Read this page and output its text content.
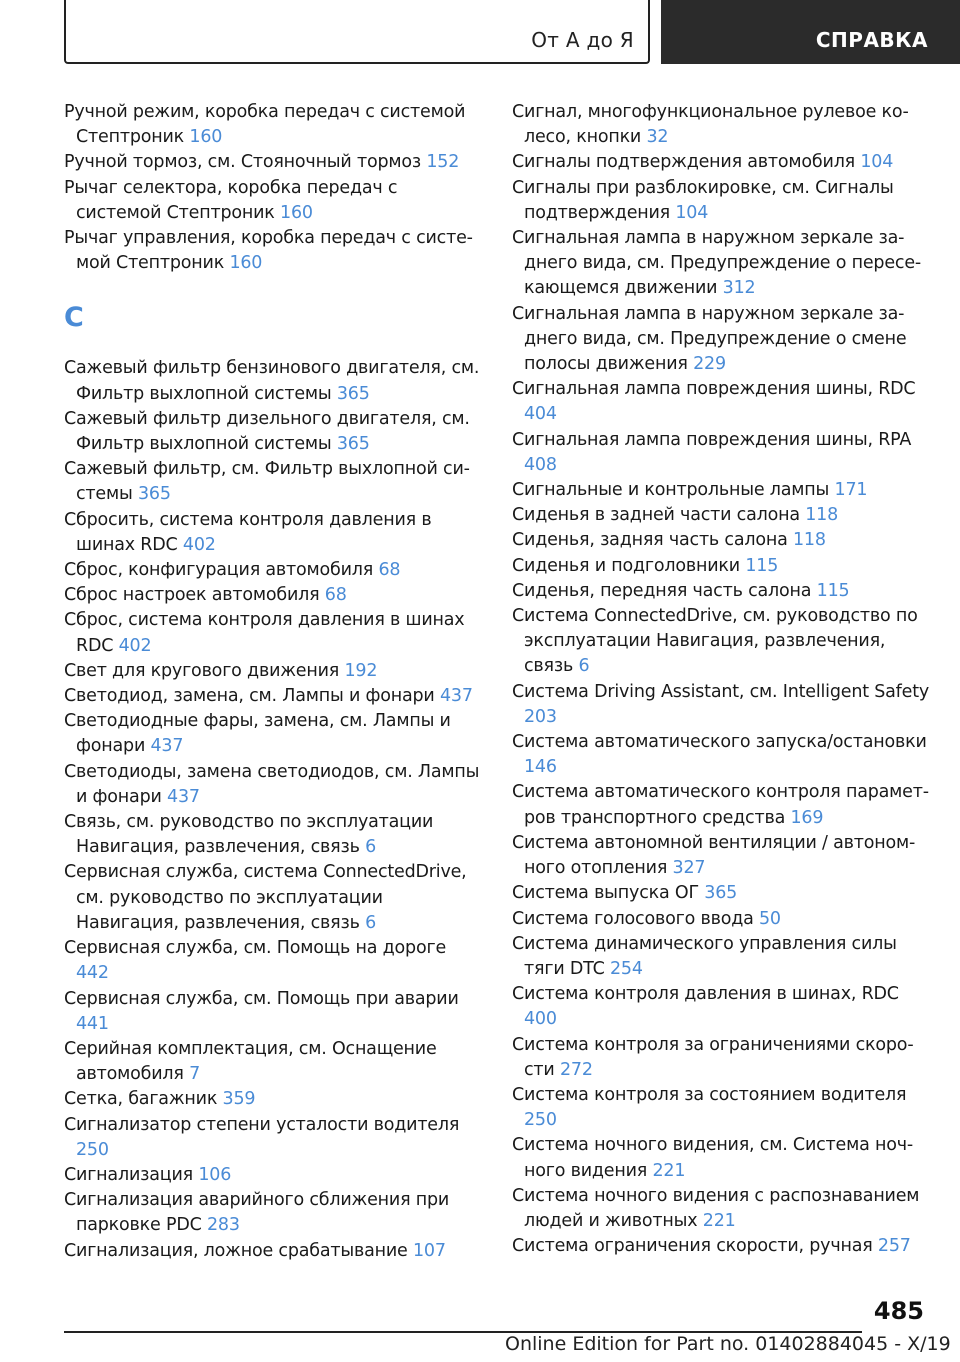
От А до Я	СПРАВКА

Ручной режим, коробка передач с системой Стептроник 160

Ручной тормоз, см. Стояночный тормоз 152

Рычаг селектора, коробка передач с системой Стептроник 160

Рычаг управления, коробка передач с системой Стептроник 160

С

Сажевый фильтр бензинового двигателя, см. Фильтр выхлопной системы 365

Сажевый фильтр дизельного двигателя, см. Фильтр выхлопной системы 365

Сажевый фильтр, см. Фильтр выхлопной системы 365

Сбросить, система контроля давления в шинах RDC 402

Сброс, конфигурация автомобиля 68

Сброс настроек автомобиля 68

Сброс, система контроля давления в шинах RDC 402

Свет для кругового движения 192

Светодиод, замена, см. Лампы и фонари 437

Светодиодные фары, замена, см. Лампы и фонари 437

Светодиоды, замена светодиодов, см. Лампы и фонари 437

Связь, см. руководство по эксплуатации Навигация, развлечения, связь 6

Сервисная служба, система ConnectedDrive, см. руководство по эксплуатации Навигация, развлечения, связь 6

Сервисная служба, см. Помощь на дороге 442

Сервисная служба, см. Помощь при аварии 441

Серийная комплектация, см. Оснащение автомобиля 7

Сетка, багажник 359

Сигнализатор степени усталости водителя 250

Сигнализация 106

Сигнализация аварийного сближения при парковке PDC 283

Сигнализация, ложное срабатывание 107

Сигнал, многофункциональное рулевое колесо, кнопки 32

Сигналы подтверждения автомобиля 104

Сигналы при разблокировке, см. Сигналы подтверждения 104

Сигнальная лампа в наружном зеркале заднего вида, см. Предупреждение о пересекающемся движении 312

Сигнальная лампа в наружном зеркале заднего вида, см. Предупреждение о смене полосы движения 229

Сигнальная лампа повреждения шины, RDC 404

Сигнальная лампа повреждения шины, RPA 408

Сигнальные и контрольные лампы 171

Сиденья в задней части салона 118

Сиденья, задняя часть салона 118

Сиденья и подголовники 115

Сиденья, передняя часть салона 115

Система ConnectedDrive, см. руководство по эксплуатации Навигация, развлечения, связь 6

Система Driving Assistant, см. Intelligent Safety 203

Система автоматического запуска/остановки 146

Система автоматического контроля параметров транспортного средства 169

Система автономной вентиляции / автономного отопления 327

Система выпуска ОГ 365

Система голосового ввода 50

Система динамического управления силы тяги DTC 254

Система контроля давления в шинах, RDC 400

Система контроля за ограничениями скорости 272

Система контроля за состоянием водителя 250

Система ночного видения, см. Система ночного видения 221

Система ночного видения с распознаванием людей и животных 221

Система ограничения скорости, ручная 257

485
Online Edition for Part no. 01402884045 - X/19
